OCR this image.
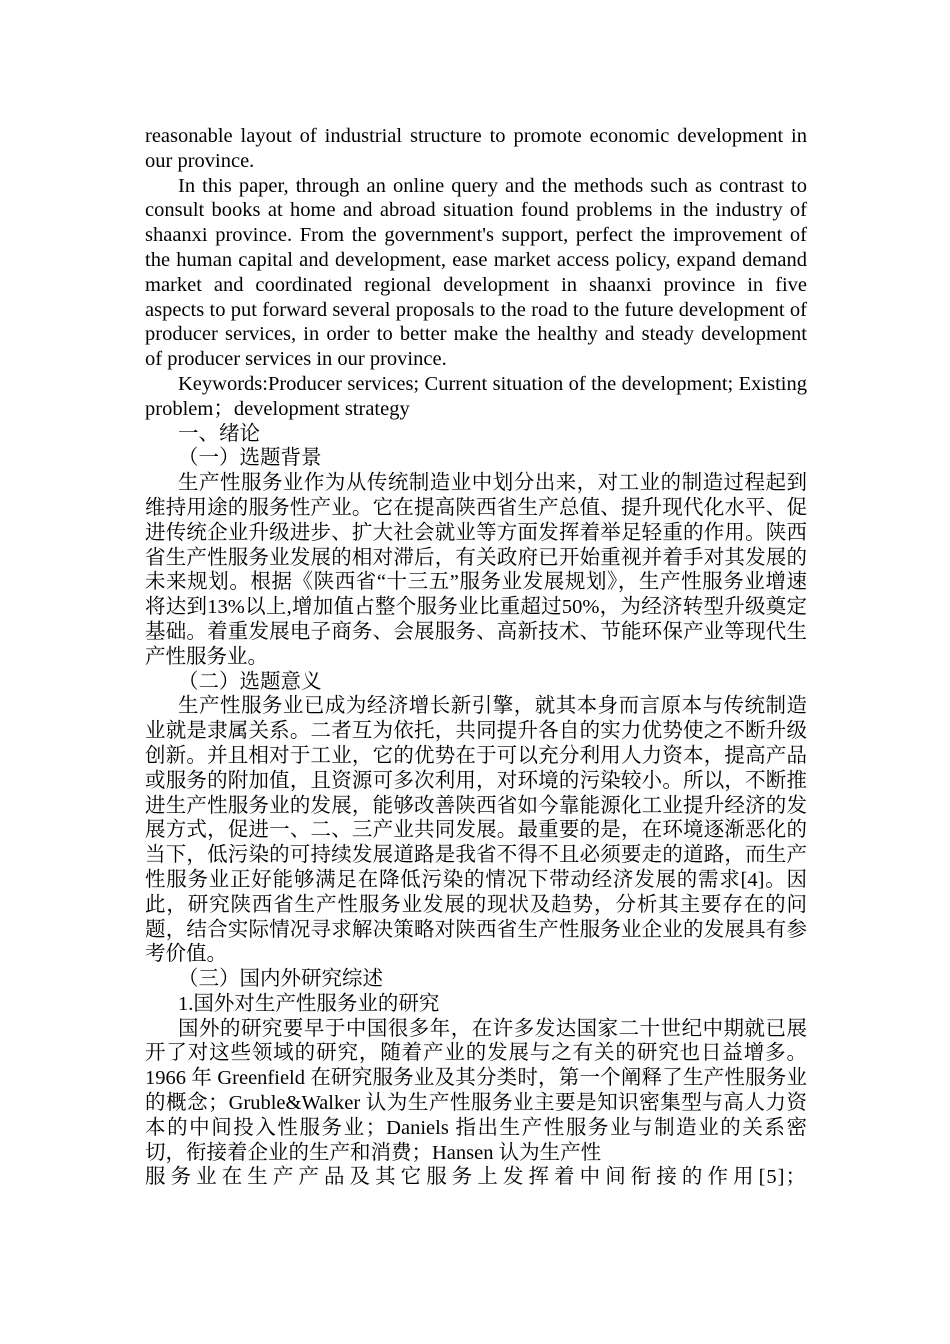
reasonable layout of industrial structure to promote economic development in our province.

In this paper, through an online query and the methods such as contrast to consult books at home and abroad situation found problems in the industry of shaanxi province. From the government's support, perfect the improvement of the human capital and development, ease market access policy, expand demand market and coordinated regional development in shaanxi province in five aspects to put forward several proposals to the road to the future development of producer services, in order to better make the healthy and steady development of producer services in our province.

Keywords:Producer services; Current situation of the development; Existing problem；development strategy

一、绪论

（一）选题背景

生产性服务业作为从传统制造业中划分出来，对工业的制造过程起到维持用途的服务性产业。它在提高陕西省生产总值、提升现代化水平、促进传统企业升级进步、扩大社会就业等方面发挥着举足轻重的作用。陕西省生产性服务业发展的相对滞后，有关政府已开始重视并着手对其发展的未来规划。根据《陕西省“十三五”服务业发展规划》，生产性服务业增速将达到13%以上,增加值占整个服务业比重超过50%，为经济转型升级奠定基础。着重发展电子商务、会展服务、高新技术、节能环保产业等现代生产性服务业。

（二）选题意义

生产性服务业已成为经济增长新引擎，就其本身而言原本与传统制造业就是隶属关系。二者互为依托，共同提升各自的实力优势使之不断升级创新。并且相对于工业，它的优势在于可以充分利用人力资本，提高产品或服务的附加值，且资源可多次利用，对环境的污染较小。所以，不断推进生产性服务业的发展，能够改善陕西省如今靠能源化工业提升经济的发展方式，促进一、二、三产业共同发展。最重要的是，在环境逐渐恶化的当下，低污染的可持续发展道路是我省不得不且必须要走的道路，而生产性服务业正好能够满足在降低污染的情况下带动经济发展的需求[4]。因此，研究陕西省生产性服务业发展的现状及趋势，分析其主要存在的问题，结合实际情况寻求解决策略对陕西省生产性服务业企业的发展具有参考价值。

（三）国内外研究综述

1.国外对生产性服务业的研究

国外的研究要早于中国很多年，在许多发达国家二十世纪中期就已展开了对这些领域的研究，随着产业的发展与之有关的研究也日益增多。1966 年 Greenfield 在研究服务业及其分类时，第一个阐释了生产性服务业的概念；Gruble&Walker 认为生产性服务业主要是知识密集型与高人力资本的中间投入性服务业；Daniels 指出生产性服务业与制造业的关系密切，衔接着企业的生产和消费；Hansen 认为生产性

服务业在生产产品及其它服务上发挥着中间衔接的作用[5]；
